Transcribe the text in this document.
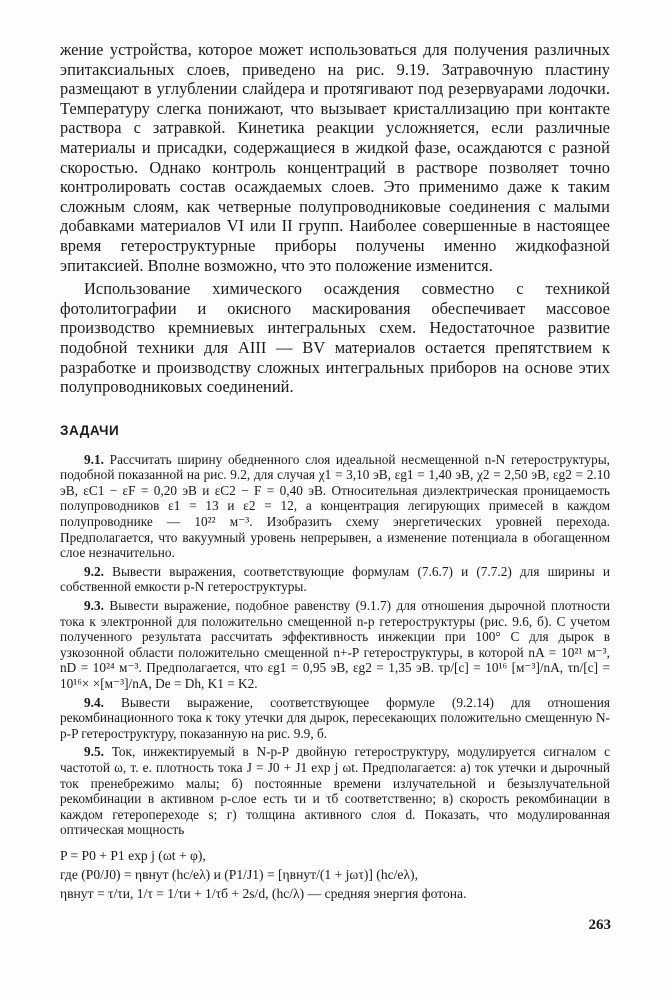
жение устройства, которое может использоваться для получения различных эпитаксиальных слоев, приведено на рис. 9.19. Затравочную пластину размещают в углублении слайдера и протягивают под резервуарами лодочки. Температуру слегка понижают, что вызывает кристаллизацию при контакте раствора с затравкой. Кинетика реакции усложняется, если различные материалы и присадки, содержащиеся в жидкой фазе, осаждаются с разной скоростью. Однако контроль концентраций в растворе позволяет точно контролировать состав осаждаемых слоев. Это применимо даже к таким сложным слоям, как четверные полупроводниковые соединения с малыми добавками материалов VI или II групп. Наиболее совершенные в настоящее время гетероструктурные приборы получены именно жидкофазной эпитаксией. Вполне возможно, что это положение изменится.

Использование химического осаждения совместно с техникой фотолитографии и окисного маскирования обеспечивает массовое производство кремниевых интегральных схем. Недостаточное развитие подобной техники для AIII — BV материалов остается препятствием к разработке и производству сложных интегральных приборов на основе этих полупроводниковых соединений.

ЗАДАЧИ

9.1. Рассчитать ширину обедненного слоя идеальной несмещенной n-N гетероструктуры, подобной показанной на рис. 9.2, для случая χ1 = 3,10 эВ, εg1 = 1,40 эВ, χ2 = 2,50 эВ, εg2 = 2.10 эВ, εC1 − εF = 0,20 эВ и εC2 − F = 0,40 эВ. Относительная диэлектрическая проницаемость полупроводников ε1 = 13 и ε2 = 12, а концентрация легирующих примесей в каждом полупроводнике — 10²² м⁻³. Изобразить схему энергетических уровней перехода. Предполагается, что вакуумный уровень непрерывен, а изменение потенциала в обогащенном слое незначительно.

9.2. Вывести выражения, соответствующие формулам (7.6.7) и (7.7.2) для ширины и собственной емкости p-N гетероструктуры.

9.3. Вывести выражение, подобное равенству (9.1.7) для отношения дырочной плотности тока к электронной для положительно смещенной n-p гетероструктуры (рис. 9.6, б). С учетом полученного результата рассчитать эффективность инжекции при 100° С для дырок в узкозонной области положительно смещенной n+-P гетероструктуры, в которой nA = 10²¹ м⁻³, nD = 10²⁴ м⁻³. Предполагается, что εg1 = 0,95 эВ, εg2 = 1,35 эВ. τp/[c] = 10¹⁶ [м⁻³]/nA, τn/[c] = 10¹⁶× ×[м⁻³]/nA, De = Dh, K1 = K2.

9.4. Вывести выражение, соответствующее формуле (9.2.14) для отношения рекомбинационного тока к току утечки для дырок, пересекающих положительно смещенную N-p-P гетероструктуру, показанную на рис. 9.9, б.

9.5. Ток, инжектируемый в N-p-P двойную гетероструктуру, модулируется сигналом с частотой ω, т. е. плотность тока J = J0 + J1 exp j ωt. Предполагается: а) ток утечки и дырочный ток пренебрежимо малы; б) постоянные времени излучательной и безызлучательной рекомбинации в активном p-слое есть τи и τб соответственно; в) скорость рекомбинации в каждом гетеропереходе s; г) толщина активного слоя d. Показать, что модулированная оптическая мощность

P = P0 + P1 exp j (ωt + φ),
где (P0/J0) = ηвнут (hc/eλ) и (P1/J1) = [ηвнут/(1 + jωτ)] (hc/eλ),
ηвнут = τ/τи, 1/τ = 1/τи + 1/τб + 2s/d, (hc/λ) — средняя энергия фотона.
263
